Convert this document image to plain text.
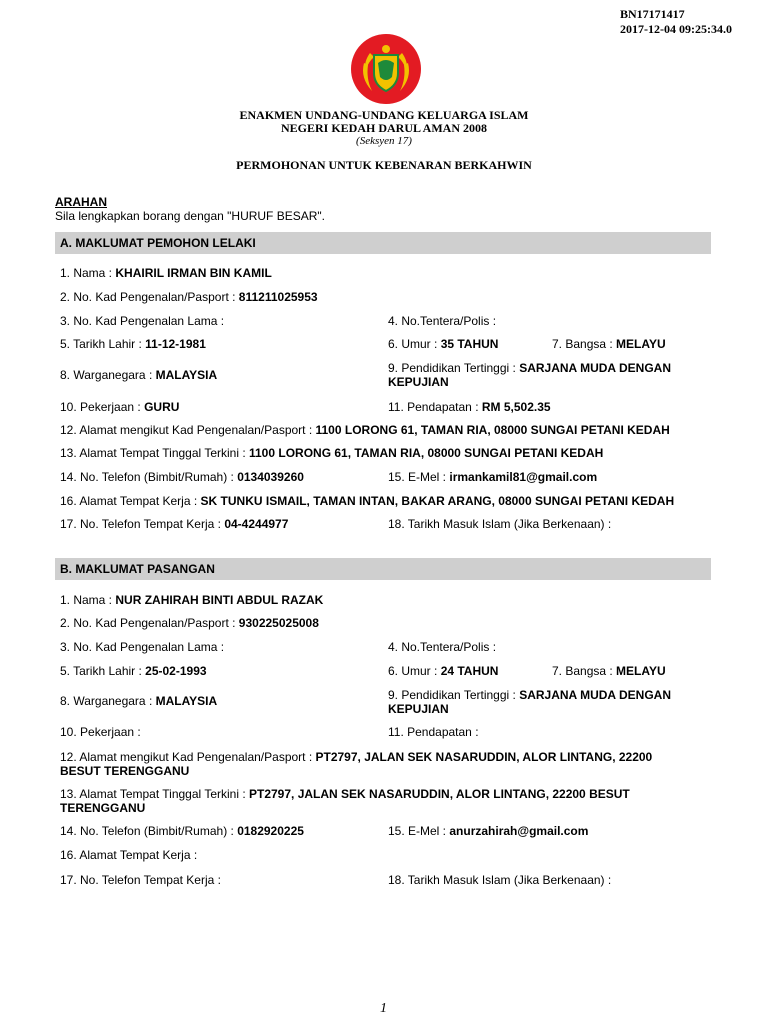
BN17171417
2017-12-04 09:25:34.0
ENAKMEN UNDANG-UNDANG KELUARGA ISLAM
NEGERI KEDAH DARUL AMAN 2008
(Seksyen 17)
PERMOHONAN UNTUK KEBENARAN BERKAHWIN
ARAHAN
Sila lengkapkan borang dengan "HURUF BESAR".
A. MAKLUMAT PEMOHON LELAKI
1. Nama : KHAIRIL IRMAN BIN KAMIL
2. No. Kad Pengenalan/Pasport : 811211025953
3. No. Kad Pengenalan Lama :	4. No.Tentera/Polis :
5. Tarikh Lahir : 11-12-1981	6. Umur : 35 TAHUN	7. Bangsa : MELAYU
8. Warganegara : MALAYSIA	9. Pendidikan Tertinggi : SARJANA MUDA DENGAN KEPUJIAN
10. Pekerjaan : GURU	11. Pendapatan : RM 5,502.35
12. Alamat mengikut Kad Pengenalan/Pasport : 1100 LORONG 61, TAMAN RIA, 08000 SUNGAI PETANI KEDAH
13. Alamat Tempat Tinggal Terkini : 1100 LORONG 61, TAMAN RIA, 08000 SUNGAI PETANI KEDAH
14. No. Telefon (Bimbit/Rumah) : 0134039260	15. E-Mel : irmankamil81@gmail.com
16. Alamat Tempat Kerja : SK TUNKU ISMAIL, TAMAN INTAN, BAKAR ARANG, 08000 SUNGAI PETANI KEDAH
17. No. Telefon Tempat Kerja : 04-4244977	18. Tarikh Masuk Islam (Jika Berkenaan) :
B. MAKLUMAT PASANGAN
1. Nama : NUR ZAHIRAH BINTI ABDUL RAZAK
2. No. Kad Pengenalan/Pasport : 930225025008
3. No. Kad Pengenalan Lama :	4. No.Tentera/Polis :
5. Tarikh Lahir : 25-02-1993	6. Umur : 24 TAHUN	7. Bangsa : MELAYU
8. Warganegara : MALAYSIA	9. Pendidikan Tertinggi : SARJANA MUDA DENGAN KEPUJIAN
10. Pekerjaan :	11. Pendapatan :
12. Alamat mengikut Kad Pengenalan/Pasport : PT2797, JALAN SEK NASARUDDIN, ALOR LINTANG, 22200 BESUT TERENGGANU
13. Alamat Tempat Tinggal Terkini : PT2797, JALAN SEK NASARUDDIN, ALOR LINTANG, 22200 BESUT TERENGGANU
14. No. Telefon (Bimbit/Rumah) : 0182920225	15. E-Mel : anurzahirah@gmail.com
16. Alamat Tempat Kerja :
17. No. Telefon Tempat Kerja :	18. Tarikh Masuk Islam (Jika Berkenaan) :
1
